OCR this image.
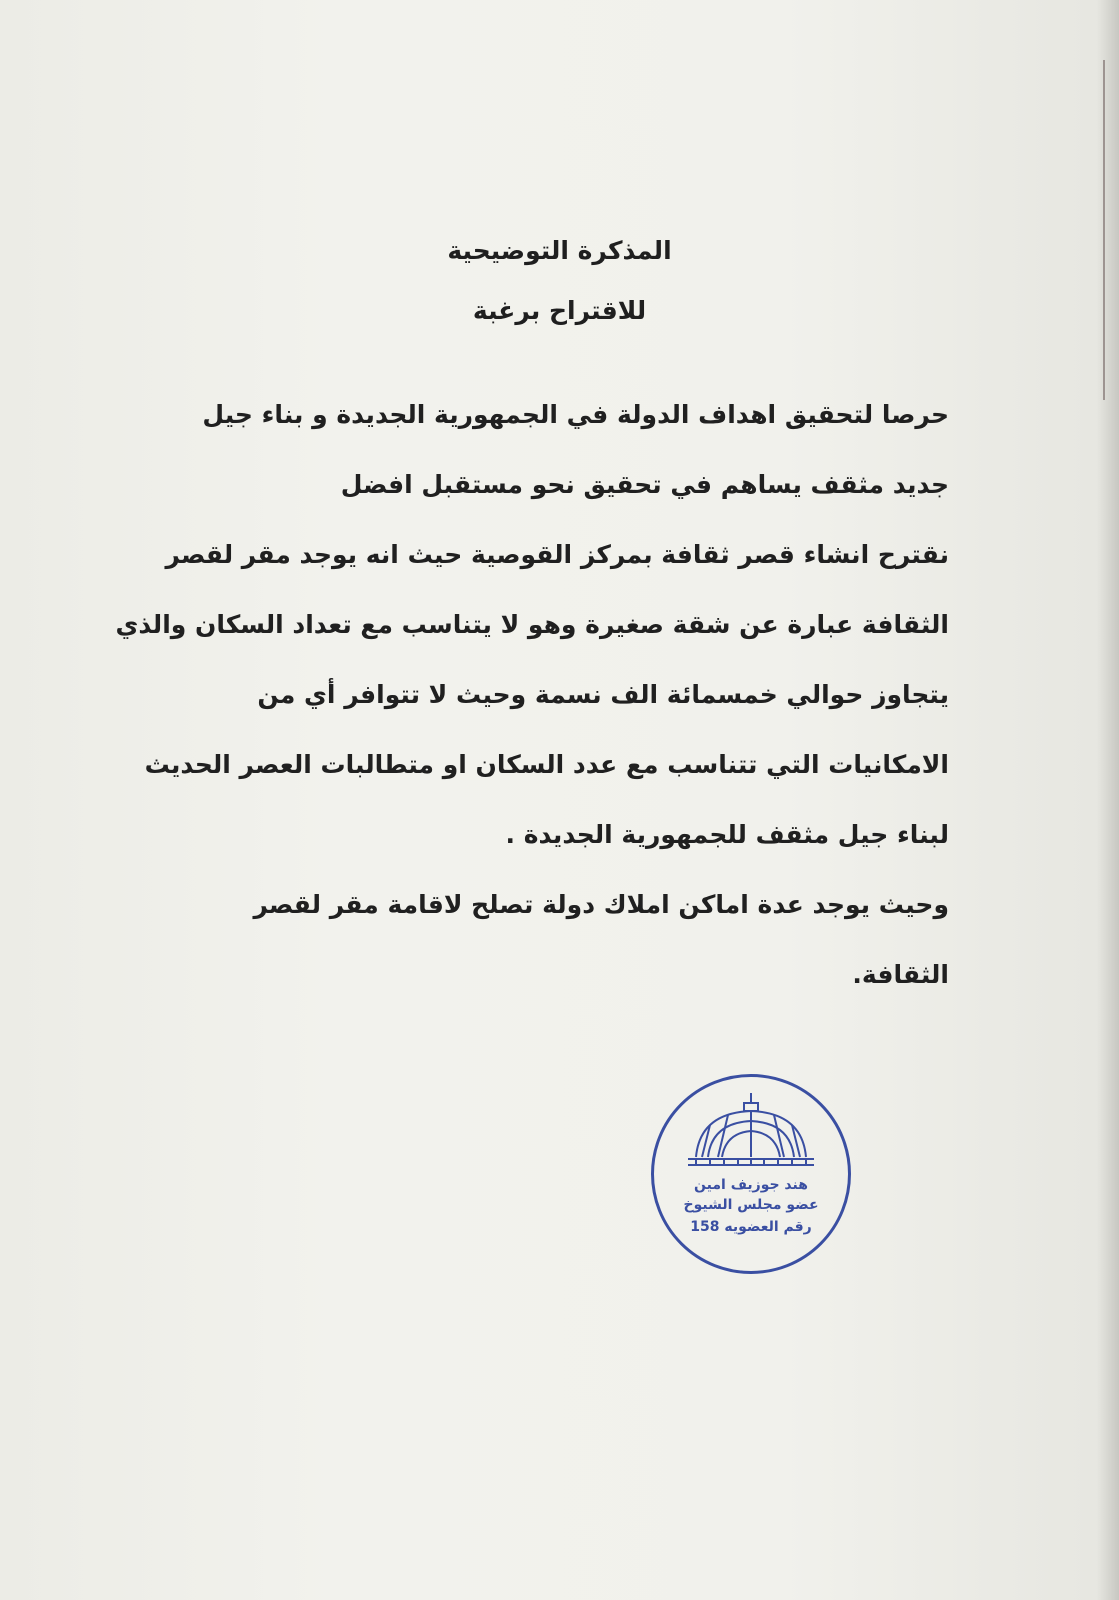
المذكرة التوضيحية
للاقتراح برغبة
حرصا لتحقيق اهداف الدولة في الجمهورية الجديدة و بناء جيل
جديد مثقف يساهم في تحقيق نحو مستقبل افضل
نقترح انشاء قصر ثقافة بمركز القوصية حيث انه يوجد مقر لقصر
الثقافة عبارة عن شقة صغيرة وهو لا يتناسب مع تعداد السكان والذي
يتجاوز حوالي خمسمائة الف نسمة وحيث لا تتوافر أي من
الامكانيات التي تتناسب مع عدد السكان او متطالبات العصر الحديث
لبناء جيل مثقف للجمهورية الجديدة .
وحيث يوجد عدة اماكن املاك دولة تصلح لاقامة مقر لقصر
الثقافة.
هند جوزيف امين
عضو مجلس الشيوخ
رقم العضويه 158
